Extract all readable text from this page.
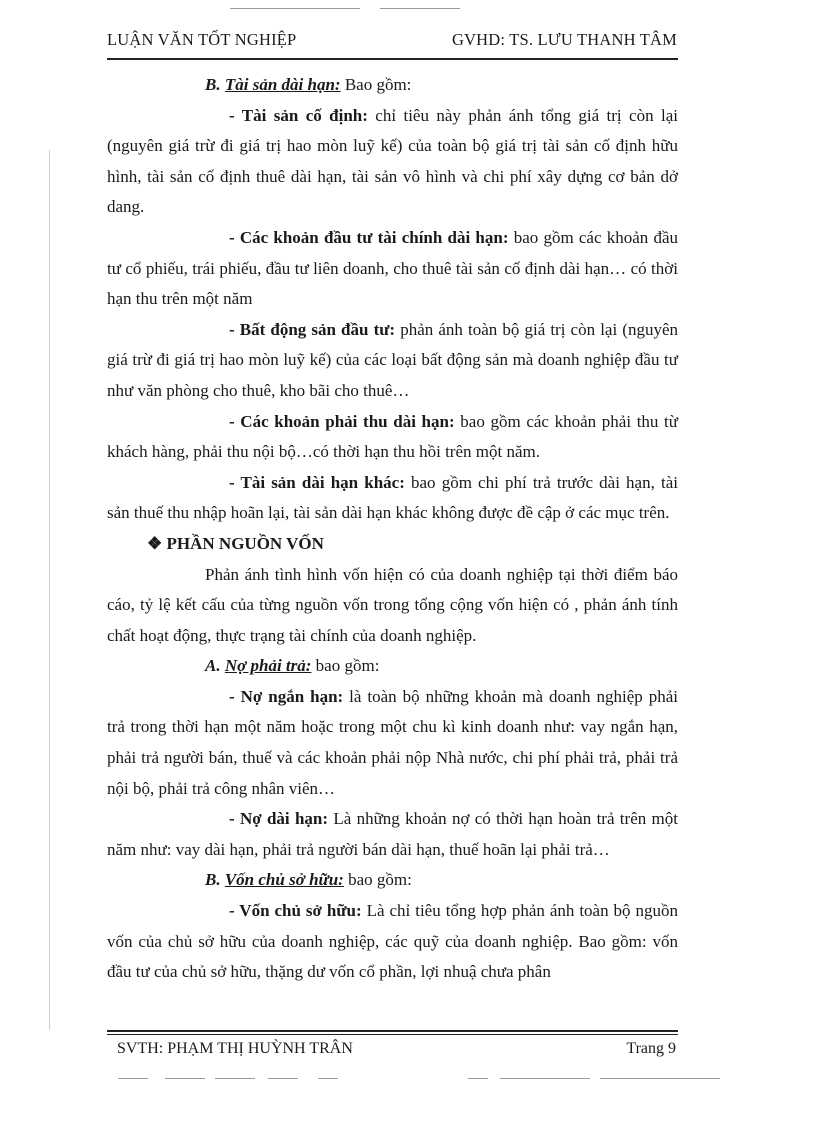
LUẬN VĂN TỐT NGHIỆP	GVHD: TS. LƯU THANH TÂM

B. Tài sản dài hạn: Bao gồm:

- Tài sản cố định: chỉ tiêu này phản ánh tổng giá trị còn lại (nguyên giá trừ đi giá trị hao mòn luỹ kế) của toàn bộ giá trị tài sản cố định hữu hình, tài sản cố định thuê dài hạn, tài sản vô hình và chi phí xây dựng cơ bản dở dang.

- Các khoản đầu tư tài chính dài hạn: bao gồm các khoản đầu tư cổ phiếu, trái phiếu, đầu tư liên doanh, cho thuê tài sản cố định dài hạn… có thời hạn thu trên một năm

- Bất động sản đầu tư: phản ánh toàn bộ giá trị còn lại (nguyên giá trừ đi giá trị hao mòn luỹ kế) của các loại bất động sản mà doanh nghiệp đầu tư như văn phòng cho thuê, kho bãi cho thuê…

- Các khoản phải thu dài hạn: bao gồm các khoản phải thu từ khách hàng, phải thu nội bộ…có thời hạn thu hồi trên một năm.

- Tài sản dài hạn khác: bao gồm chi phí trả trước dài hạn, tài sản thuế thu nhập hoãn lại, tài sản dài hạn khác không được đề cập ở các mục trên.

❖ PHẦN NGUỒN VỐN

Phản ánh tình hình vốn hiện có của doanh nghiệp tại thời điểm báo cáo, tỷ lệ kết cấu của từng nguồn vốn trong tổng cộng vốn hiện có , phản ánh tính chất hoạt động, thực trạng tài chính của doanh nghiệp.

A. Nợ phải trả: bao gồm:

- Nợ ngắn hạn: là toàn bộ những khoản mà doanh nghiệp phải trả trong thời hạn một năm hoặc trong một chu kì kinh doanh như: vay ngắn hạn, phải trả người bán, thuế và các khoản phải nộp Nhà nước, chi phí phải trả, phải trả nội bộ, phải trả công nhân viên…

- Nợ dài hạn: Là những khoản nợ có thời hạn hoàn trả trên một năm như: vay dài hạn, phải trả người bán dài hạn, thuế hoãn lại phải trả…

B. Vốn chủ sở hữu: bao gồm:

- Vốn chủ sở hữu: Là chỉ tiêu tổng hợp phản ánh toàn bộ nguồn vốn của chủ sở hữu của doanh nghiệp, các quỹ của doanh nghiệp. Bao gồm: vốn đầu tư của chủ sở hữu, thặng dư vốn cổ phần, lợi nhuậ chưa phân

SVTH: PHẠM THỊ HUỲNH TRÂN	Trang 9
